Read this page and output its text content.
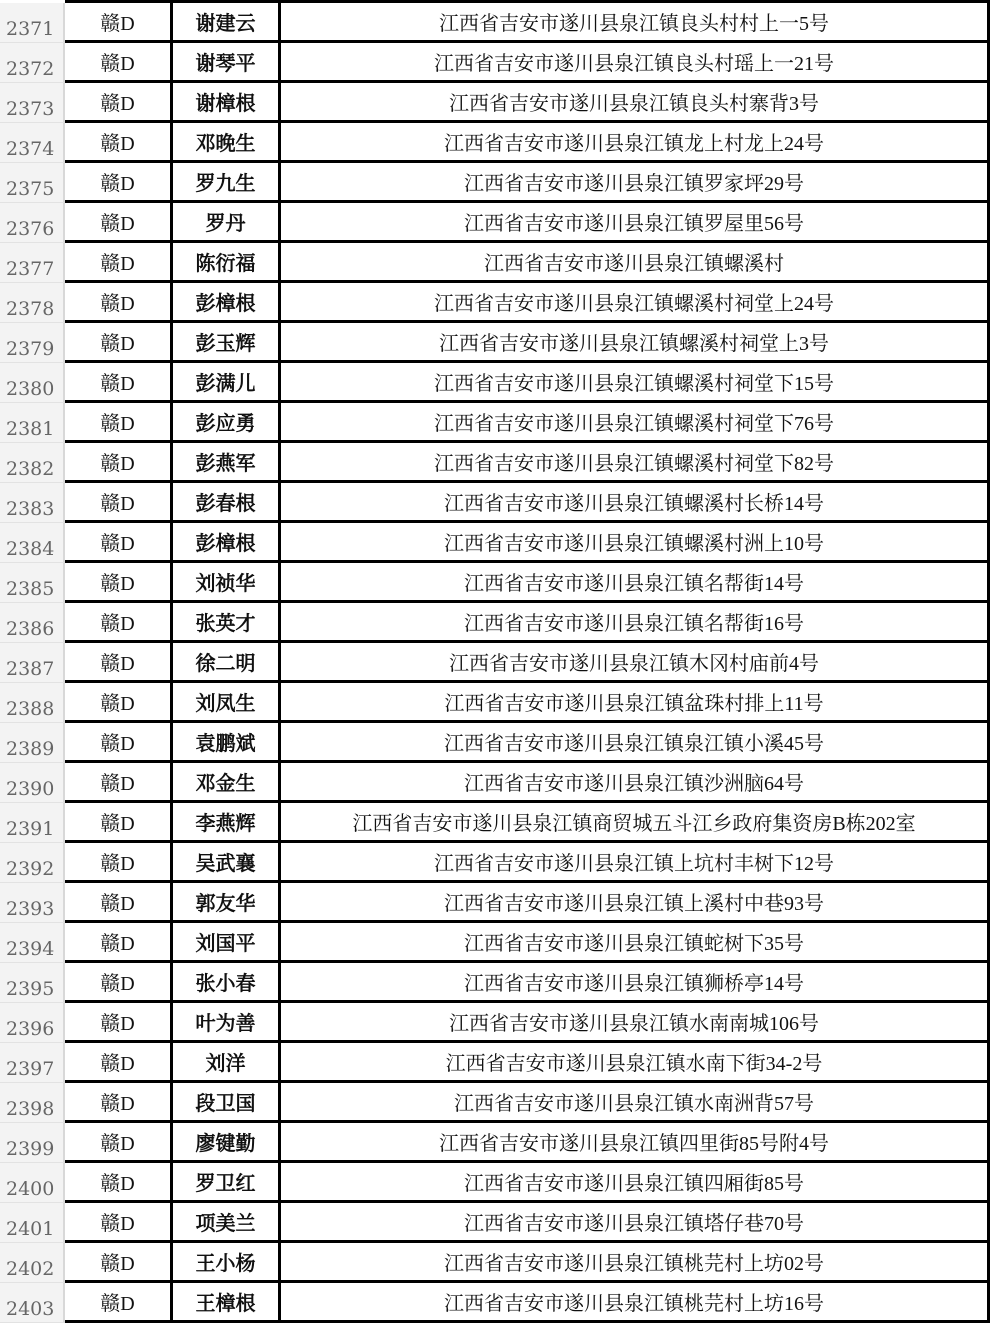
2371	赣D	谢建云	江西省吉安市遂川县泉江镇良头村村上一5号
2372	赣D	谢琴平	江西省吉安市遂川县泉江镇良头村瑶上一21号
2373	赣D	谢樟根	江西省吉安市遂川县泉江镇良头村寨背3号
2374	赣D	邓晚生	江西省吉安市遂川县泉江镇龙上村龙上24号
2375	赣D	罗九生	江西省吉安市遂川县泉江镇罗家坪29号
2376	赣D	罗丹	江西省吉安市遂川县泉江镇罗屋里56号
2377	赣D	陈衍福	江西省吉安市遂川县泉江镇螺溪村
2378	赣D	彭樟根	江西省吉安市遂川县泉江镇螺溪村祠堂上24号
2379	赣D	彭玉辉	江西省吉安市遂川县泉江镇螺溪村祠堂上3号
2380	赣D	彭满儿	江西省吉安市遂川县泉江镇螺溪村祠堂下15号
2381	赣D	彭应勇	江西省吉安市遂川县泉江镇螺溪村祠堂下76号
2382	赣D	彭燕军	江西省吉安市遂川县泉江镇螺溪村祠堂下82号
2383	赣D	彭春根	江西省吉安市遂川县泉江镇螺溪村长桥14号
2384	赣D	彭樟根	江西省吉安市遂川县泉江镇螺溪村洲上10号
2385	赣D	刘祯华	江西省吉安市遂川县泉江镇名帮街14号
2386	赣D	张英才	江西省吉安市遂川县泉江镇名帮街16号
2387	赣D	徐二明	江西省吉安市遂川县泉江镇木冈村庙前4号
2388	赣D	刘凤生	江西省吉安市遂川县泉江镇盆珠村排上11号
2389	赣D	袁鹏斌	江西省吉安市遂川县泉江镇泉江镇小溪45号
2390	赣D	邓金生	江西省吉安市遂川县泉江镇沙洲脑64号
2391	赣D	李燕辉	江西省吉安市遂川县泉江镇商贸城五斗江乡政府集资房B栋202室
2392	赣D	吴武襄	江西省吉安市遂川县泉江镇上坑村丰树下12号
2393	赣D	郭友华	江西省吉安市遂川县泉江镇上溪村中巷93号
2394	赣D	刘国平	江西省吉安市遂川县泉江镇蛇树下35号
2395	赣D	张小春	江西省吉安市遂川县泉江镇狮桥亭14号
2396	赣D	叶为善	江西省吉安市遂川县泉江镇水南南城106号
2397	赣D	刘洋	江西省吉安市遂川县泉江镇水南下街34-2号
2398	赣D	段卫国	江西省吉安市遂川县泉江镇水南洲背57号
2399	赣D	廖键勤	江西省吉安市遂川县泉江镇四里街85号附4号
2400	赣D	罗卫红	江西省吉安市遂川县泉江镇四厢街85号
2401	赣D	项美兰	江西省吉安市遂川县泉江镇塔仔巷70号
2402	赣D	王小杨	江西省吉安市遂川县泉江镇桃芫村上坊02号
2403	赣D	王樟根	江西省吉安市遂川县泉江镇桃芫村上坊16号
